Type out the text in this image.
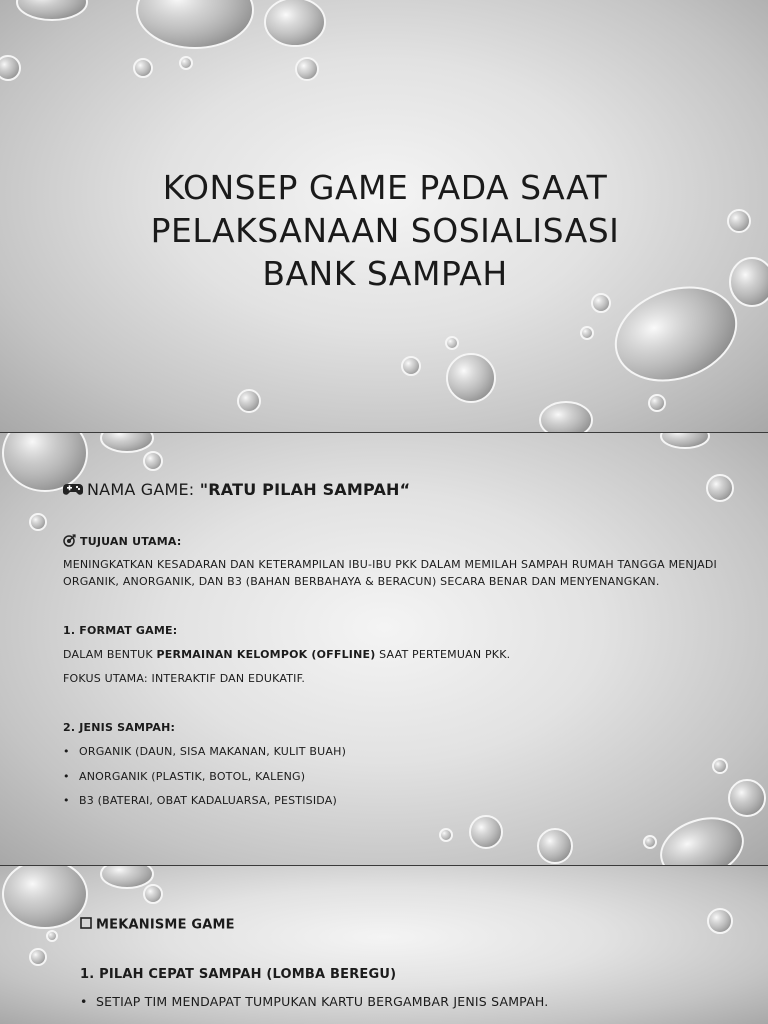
KONSEP GAME PADA SAAT
PELAKSANAAN SOSIALISASI
BANK SAMPAH
NAMA GAME: "RATU PILAH SAMPAH“
TUJUAN UTAMA:
MENINGKATKAN KESADARAN DAN KETERAMPILAN IBU-IBU PKK DALAM MEMILAH SAMPAH RUMAH TANGGA MENJADI
ORGANIK, ANORGANIK, DAN B3 (BAHAN BERBAHAYA & BERACUN) SECARA BENAR DAN MENYENANGKAN.
1. FORMAT GAME:
DALAM BENTUK PERMAINAN KELOMPOK (OFFLINE) SAAT PERTEMUAN PKK.
FOKUS UTAMA: INTERAKTIF DAN EDUKATIF.
2. JENIS SAMPAH:
• ORGANIK (DAUN, SISA MAKANAN, KULIT BUAH)
• ANORGANIK (PLASTIK, BOTOL, KALENG)
• B3 (BATERAI, OBAT KADALUARSA, PESTISIDA)
MEKANISME GAME
1. PILAH CEPAT SAMPAH (LOMBA BEREGU)
• SETIAP TIM MENDAPAT TUMPUKAN KARTU BERGAMBAR JENIS SAMPAH.
